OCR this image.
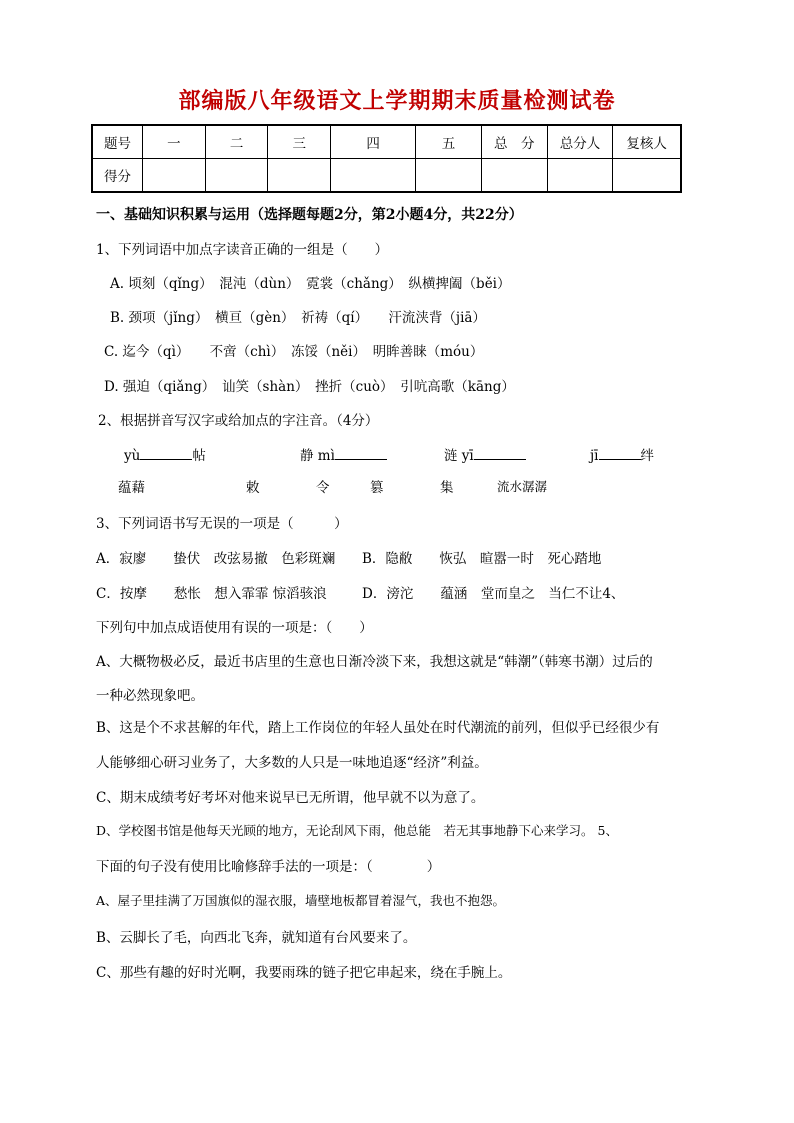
部编版八年级语文上学期期末质量检测试卷
题号	一	二	三	四	五	总　分	总分人	复核人
得分								
一、基础知识积累与运用（选择题每题2分，第2小题4分，共22分）
1、下列词语中加点字读音正确的一组是（　　）
A. 顷刻（qǐng）　混沌（dùn）　霓裳（chǎng）　纵横捭阖（běi）
B. 颈项（jǐng）　横亘（gèn）　祈祷（qí）　　汗流浃背（jiā）
C. 迄今（qì）　　不啻（chì）　冻馁（něi）　明眸善睐（móu）
D. 强迫（qiǎng）　讪笑（shàn）　挫折（cuò）　引吭高歌（kāng）
2、根据拼音写汉字或给加点的字注音。（4分）
yù	帖	静 mì	涟 yī	jī	绊
蕴藉	敕	令	篡	集	流水潺潺
3、下列词语书写无误的一项是（　　　）
A．寂廖　　蛰伏　改弦易撤　色彩斑斓 B．隐敝　　恢弘　暄嚣一时　死心踏地
C．按摩　　愁怅　想入霏霏 惊滔骇浪	D．滂沱　　蕴涵　堂而皇之　当仁不让4、
下列句中加点成语使用有误的一项是：（　　）
A、大概物极必反，最近书店里的生意也日渐冷淡下来，我想这就是“韩潮”（韩寒书潮）过后的
一种必然现象吧。
B、这是个不求甚解的年代，踏上工作岗位的年轻人虽处在时代潮流的前列，但似乎已经很少有
人能够细心研习业务了，大多数的人只是一味地追逐“经济”利益。
C、期末成绩考好考坏对他来说早已无所谓，他早就不以为意了。
D、学校图书馆是他每天光顾的地方，无论刮风下雨，他总能　若无其事地静下心来学习。 5、
下面的句子没有使用比喻修辞手法的一项是：（　　　　）
A、屋子里挂满了万国旗似的湿衣服，墙壁地板都冒着湿气，我也不抱怨。
B、云脚长了毛，向西北飞奔，就知道有台风要来了。
C、那些有趣的好时光啊，我要雨珠的链子把它串起来，绕在手腕上。
